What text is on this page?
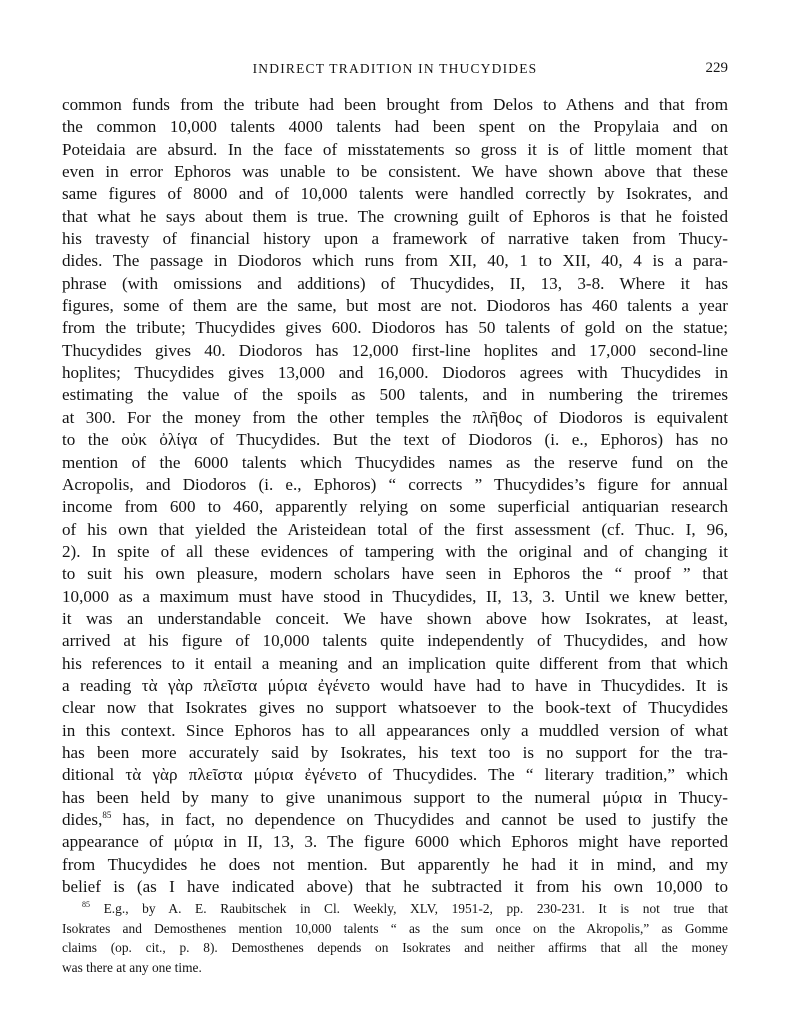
INDIRECT TRADITION IN THUCYDIDES	229
common funds from the tribute had been brought from Delos to Athens and that from
the common 10,000 talents 4000 talents had been spent on the Propylaia and on
Poteidaia are absurd. In the face of misstatements so gross it is of little moment that
even in error Ephoros was unable to be consistent. We have shown above that these
same figures of 8000 and of 10,000 talents were handled correctly by Isokrates, and
that what he says about them is true. The crowning guilt of Ephoros is that he foisted
his travesty of financial history upon a framework of narrative taken from Thucy-
dides. The passage in Diodoros which runs from XII, 40, 1 to XII, 40, 4 is a para-
phrase (with omissions and additions) of Thucydides, II, 13, 3-8. Where it has
figures, some of them are the same, but most are not. Diodoros has 460 talents a year
from the tribute; Thucydides gives 600. Diodoros has 50 talents of gold on the statue;
Thucydides gives 40. Diodoros has 12,000 first-line hoplites and 17,000 second-line
hoplites; Thucydides gives 13,000 and 16,000. Diodoros agrees with Thucydides in
estimating the value of the spoils as 500 talents, and in numbering the triremes
at 300. For the money from the other temples the πλῆθος of Diodoros is equivalent
to the οὐκ ὀλίγα of Thucydides. But the text of Diodoros (i. e., Ephoros) has no
mention of the 6000 talents which Thucydides names as the reserve fund on the
Acropolis, and Diodoros (i. e., Ephoros) “ corrects ” Thucydides’s figure for annual
income from 600 to 460, apparently relying on some superficial antiquarian research
of his own that yielded the Aristeidean total of the first assessment (cf. Thuc. I, 96,
2). In spite of all these evidences of tampering with the original and of changing it
to suit his own pleasure, modern scholars have seen in Ephoros the “ proof ” that
10,000 as a maximum must have stood in Thucydides, II, 13, 3. Until we knew better,
it was an understandable conceit. We have shown above how Isokrates, at least,
arrived at his figure of 10,000 talents quite independently of Thucydides, and how
his references to it entail a meaning and an implication quite different from that which
a reading τὰ γὰρ πλεῖστα μύρια ἐγένετο would have had to have in Thucydides. It is
clear now that Isokrates gives no support whatsoever to the book-text of Thucydides
in this context. Since Ephoros has to all appearances only a muddled version of what
has been more accurately said by Isokrates, his text too is no support for the tra-
ditional τὰ γὰρ πλεῖστα μύρια ἐγένετο of Thucydides. The “ literary tradition,” which
has been held by many to give unanimous support to the numeral μύρια in Thucy-
dides,$^{85}$ has, in fact, no dependence on Thucydides and cannot be used to justify the
appearance of μύρια in II, 13, 3. The figure 6000 which Ephoros might have reported
from Thucydides he does not mention. But apparently he had it in mind, and my
belief is (as I have indicated above) that he subtracted it from his own 10,000 to
$^{85}$ E.g., by A. E. Raubitschek in Cl. Weekly, XLV, 1951-2, pp. 230-231. It is not true that
Isokrates and Demosthenes mention 10,000 talents “ as the sum once on the Akropolis,” as Gomme
claims (op. cit., p. 8). Demosthenes depends on Isokrates and neither affirms that all the money
was there at any one time.
